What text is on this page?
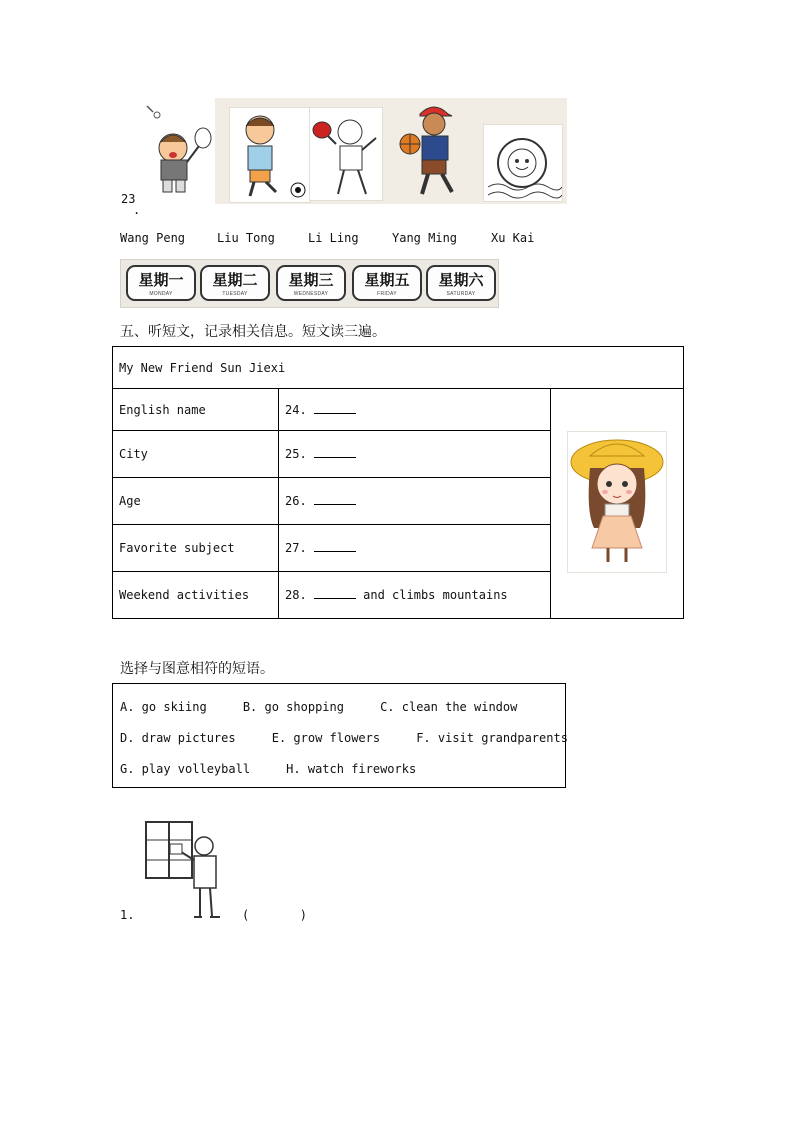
23
.
Wang Peng	Liu Tong	Li Ling	Yang Ming	Xu Kai
星期一
MONDAY
星期二
TUESDAY
星期三
WEDNESDAY
星期五
FRIDAY
星期六
SATURDAY
五、听短文，记录相关信息。短文读三遍。
My New Friend Sun Jiexi		
English name	24.	
City	25.	
Age	26.	
Favorite subject	27.	
Weekend activities	28. and climbs mountains	
选择与图意相符的短语。
A. go skiing     B. go shopping     C. clean the window
D. draw pictures     E. grow flowers     F. visit grandparents
G. play volleyball     H. watch fireworks
1.	(       )
